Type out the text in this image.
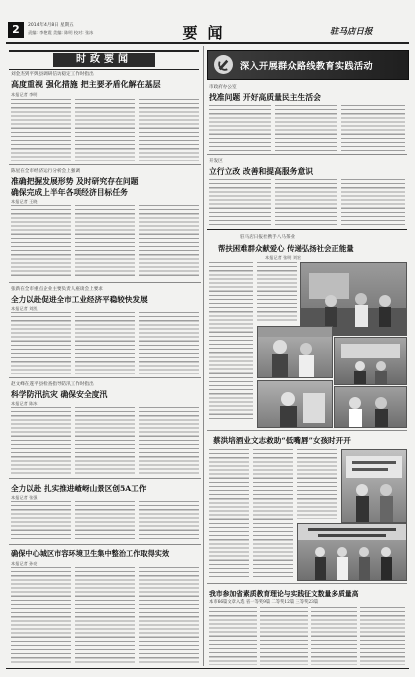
2	2014年4月8日 星期五
责编: 李艳霞 美编: 陈明 校对: 张冰	要闻	驻马店日报
时政要闻
刘金杰到平舆县调研信访稳定工作时指出
高度重视 强化措施 把主要矛盾化解在基层
本报记者 李明
陈星在全市经济运行分析会上强调
准确把握发展形势 及时研究存在问题
确保完成上半年各项经济目标任务
本报记者 王晓
张新在全市重点企业主要负责人座谈会上要求
全力以赴促进全市工业经济平稳较快发展
本报记者 刘凯
赵文峰在遂平县检查指导防汛工作时指出
科学防汛抗灾 确保安全度汛
本报记者 陈冰
全力以赴 扎实推进嵖岈山景区创5A工作
本报记者 张强
确保中心城区市容环境卫生集中整治工作取得实效
本报记者 孙亮
深入开展群众路线教育实践活动
市政府办公室
找准问题 开好高质量民主生活会
开发区
立行立改 改善和提高服务意识
驻马店日报社携手八马茶业
帮扶困难群众献爱心 传递弘扬社会正能量
本报记者 张明 刘宏
蔡洪培酒业文志救助“低嘴唇”女孩时开开
我市参加省素质教育理论与实践征文数量多质量高
本市66篇文章入选 省一等奖9篇 二等奖12篇 三等奖23篇
